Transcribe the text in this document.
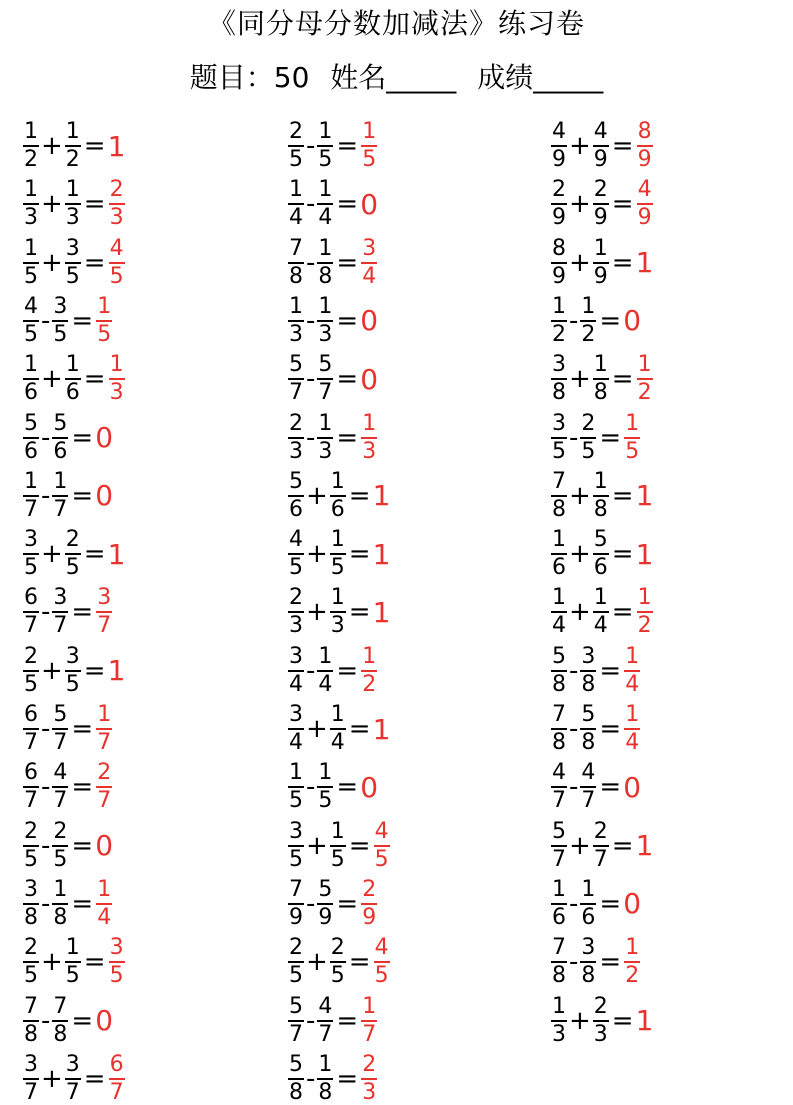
《同分母分数加减法》练习卷
题目：50 姓名_____ 成绩_____
$\frac{1}{2} + \frac{1}{2} = 1$
$\frac{1}{3} + \frac{1}{3} = \frac{2}{3}$
$\frac{1}{5} + \frac{3}{5} = \frac{4}{5}$
$\frac{4}{5} - \frac{3}{5} = \frac{1}{5}$
$\frac{1}{6} + \frac{1}{6} = \frac{1}{3}$
$\frac{5}{6} - \frac{5}{6} = 0$
$\frac{1}{7} - \frac{1}{7} = 0$
$\frac{3}{5} + \frac{2}{5} = 1$
$\frac{6}{7} - \frac{3}{7} = \frac{3}{7}$
$\frac{2}{5} + \frac{3}{5} = 1$
$\frac{6}{7} - \frac{5}{7} = \frac{1}{7}$
$\frac{6}{7} - \frac{4}{7} = \frac{2}{7}$
$\frac{2}{5} - \frac{2}{5} = 0$
$\frac{3}{8} - \frac{1}{8} = \frac{1}{4}$
$\frac{2}{5} + \frac{1}{5} = \frac{3}{5}$
$\frac{7}{8} - \frac{7}{8} = 0$
$\frac{3}{7} + \frac{3}{7} = \frac{6}{7}$
$\frac{2}{5} - \frac{1}{5} = \frac{1}{5}$
$\frac{1}{4} - \frac{1}{4} = 0$
$\frac{7}{8} - \frac{1}{8} = \frac{3}{4}$
$\frac{1}{3} - \frac{1}{3} = 0$
$\frac{5}{7} - \frac{5}{7} = 0$
$\frac{2}{3} - \frac{1}{3} = \frac{1}{3}$
$\frac{5}{6} + \frac{1}{6} = 1$
$\frac{4}{5} + \frac{1}{5} = 1$
$\frac{2}{3} + \frac{1}{3} = 1$
$\frac{3}{4} - \frac{1}{4} = \frac{1}{2}$
$\frac{3}{4} + \frac{1}{4} = 1$
$\frac{1}{5} - \frac{1}{5} = 0$
$\frac{3}{5} + \frac{1}{5} = \frac{4}{5}$
$\frac{7}{9} - \frac{5}{9} = \frac{2}{9}$
$\frac{2}{5} + \frac{2}{5} = \frac{4}{5}$
$\frac{5}{7} - \frac{4}{7} = \frac{1}{7}$
$\frac{5}{8} - \frac{1}{8} = \frac{2}{3}$
$\frac{4}{9} + \frac{4}{9} = \frac{8}{9}$
$\frac{2}{9} + \frac{2}{9} = \frac{4}{9}$
$\frac{8}{9} + \frac{1}{9} = 1$
$\frac{1}{2} - \frac{1}{2} = 0$
$\frac{3}{8} + \frac{1}{8} = \frac{1}{2}$
$\frac{3}{5} - \frac{2}{5} = \frac{1}{5}$
$\frac{7}{8} + \frac{1}{8} = 1$
$\frac{1}{6} + \frac{5}{6} = 1$
$\frac{1}{4} + \frac{1}{4} = \frac{1}{2}$
$\frac{5}{8} - \frac{3}{8} = \frac{1}{4}$
$\frac{7}{8} - \frac{5}{8} = \frac{1}{4}$
$\frac{4}{7} - \frac{4}{7} = 0$
$\frac{5}{7} + \frac{2}{7} = 1$
$\frac{1}{6} - \frac{1}{6} = 0$
$\frac{7}{8} - \frac{3}{8} = \frac{1}{2}$
$\frac{1}{3} + \frac{2}{3} = 1$
